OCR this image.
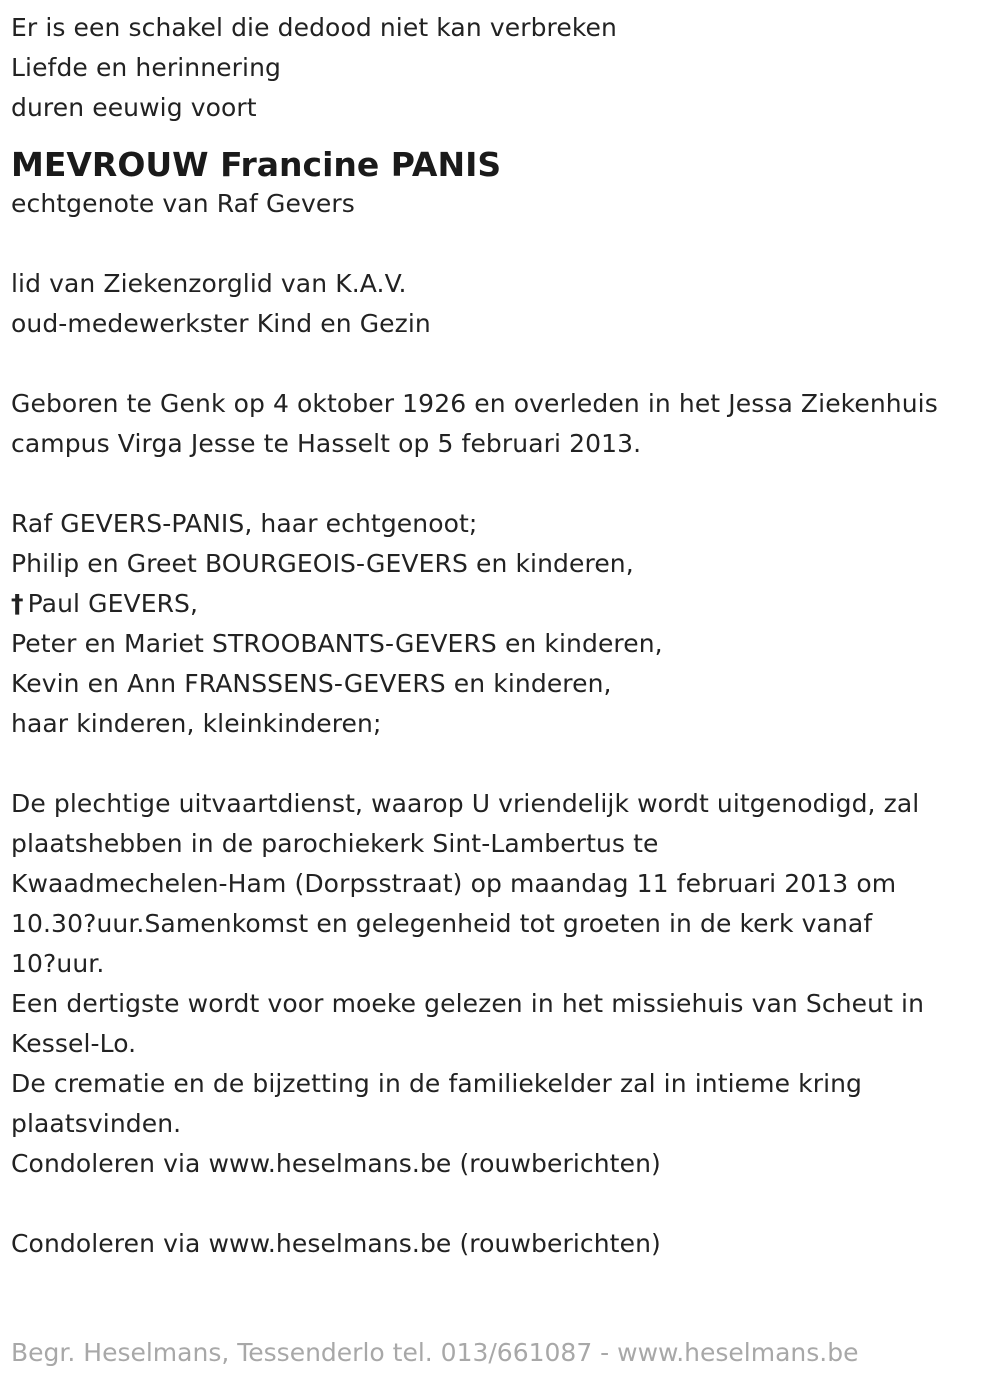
Er is een schakel die dedood niet kan verbreken
Liefde en herinnering
duren eeuwig voort
MEVROUW Francine PANIS
echtgenote van Raf Gevers
lid van Ziekenzorglid van K.A.V.
oud-medewerkster Kind en Gezin
Geboren te Genk op 4 oktober 1926 en overleden in het Jessa Ziekenhuis
campus Virga Jesse te Hasselt op 5 februari 2013.
Raf GEVERS-PANIS, haar echtgenoot;
Philip en Greet BOURGEOIS-GEVERS en kinderen,
† Paul GEVERS,
Peter en Mariet STROOBANTS-GEVERS en kinderen,
Kevin en Ann FRANSSENS-GEVERS en kinderen,
haar kinderen, kleinkinderen;
De plechtige uitvaartdienst, waarop U vriendelijk wordt uitgenodigd, zal
plaatshebben in de parochiekerk Sint-Lambertus te
Kwaadmechelen-Ham (Dorpsstraat) op maandag 11 februari 2013 om
10.30?uur.Samenkomst en gelegenheid tot groeten in de kerk vanaf
10?uur.
Een dertigste wordt voor moeke gelezen in het missiehuis van Scheut in
Kessel-Lo.
De crematie en de bijzetting in de familiekelder zal in intieme kring
plaatsvinden.
Condoleren via www.heselmans.be (rouwberichten)
Condoleren via www.heselmans.be (rouwberichten)
Begr. Heselmans, Tessenderlo tel. 013/661087 - www.heselmans.be
